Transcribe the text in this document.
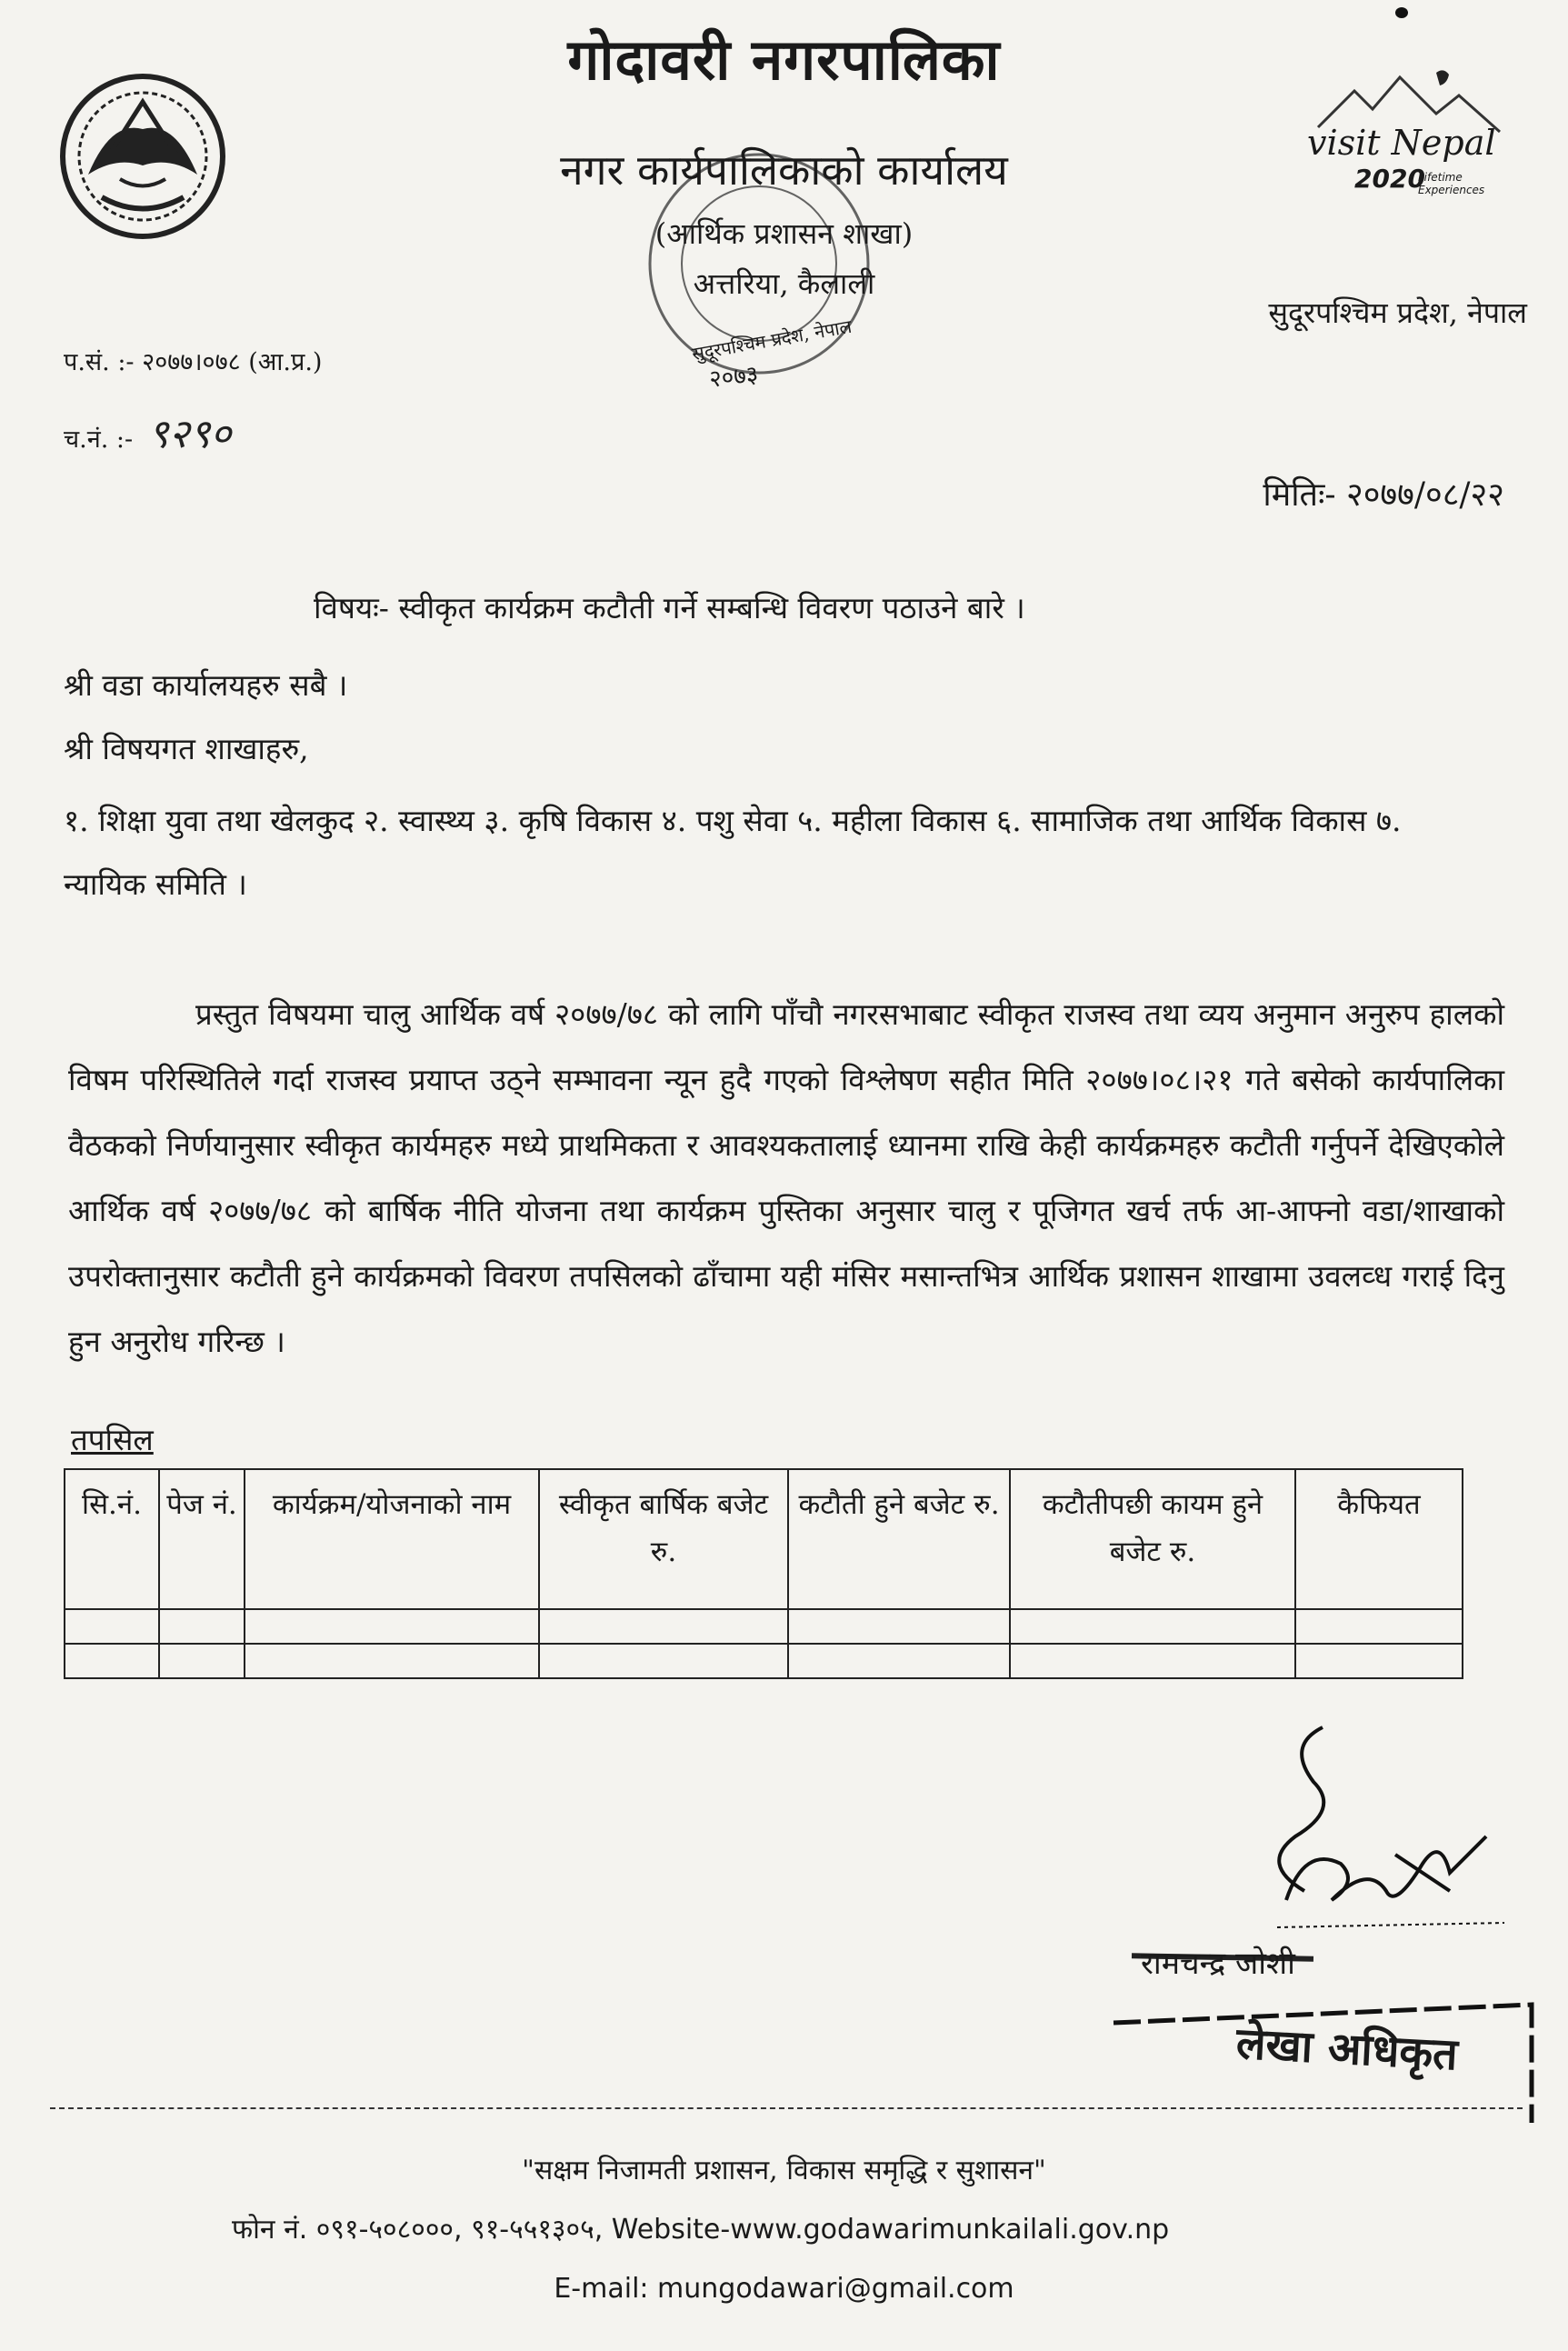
visit Nepal
2020
Lifetime Experiences
२०७३
सुदूरपश्चिम प्रदेश, नेपाल
गोदावरी नगरपालिका
नगर कार्यपालिकाको कार्यालय
(आर्थिक प्रशासन शाखा)
अत्तरिया, कैलाली
सुदूरपश्चिम प्रदेश, नेपाल
प.सं. :- २०७७।०७८ (आ.प्र.)
च.नं. :- ९२९०
मितिः- २०७७/०८/२२
विषयः- स्वीकृत कार्यक्रम कटौती गर्ने सम्बन्धि विवरण पठाउने बारे ।
श्री वडा कार्यालयहरु सबै ।
श्री विषयगत शाखाहरु,
१. शिक्षा युवा तथा खेलकुद २. स्वास्थ्य ३. कृषि विकास ४. पशु सेवा ५. महीला विकास ६. सामाजिक तथा आर्थिक विकास ७. न्यायिक समिति ।
प्रस्तुत विषयमा चालु आर्थिक वर्ष २०७७/७८ को लागि पाँचौ नगरसभाबाट स्वीकृत राजस्व तथा व्यय अनुमान अनुरुप हालको विषम परिस्थितिले गर्दा राजस्व प्रयाप्त उठ्ने सम्भावना न्यून हुदै गएको विश्लेषण सहीत मिति २०७७।०८।२१ गते बसेको कार्यपालिका वैठकको निर्णयानुसार स्वीकृत कार्यमहरु मध्ये प्राथमिकता र आवश्यकतालाई ध्यानमा राखि केही कार्यक्रमहरु कटौती गर्नुपर्ने देखिएकोले आर्थिक वर्ष २०७७/७८ को बार्षिक नीति योजना तथा कार्यक्रम पुस्तिका अनुसार चालु र पूजिगत खर्च तर्फ आ-आफ्नो वडा/शाखाको उपरोक्तानुसार कटौती हुने कार्यक्रमको विवरण तपसिलको ढाँचामा यही मंसिर मसान्तभित्र आर्थिक प्रशासन शाखामा उवलव्ध गराई दिनु हुन अनुरोध गरिन्छ ।
तपसिल
सि.नं.	पेज नं.	कार्यक्रम/योजनाको नाम	स्वीकृत बार्षिक बजेट रु.	कटौती हुने बजेट रु.	कटौतीपछी कायम हुने बजेट रु.	कैफियत

रामचन्द्र जोशी
लेखा अधिकृत
"सक्षम निजामती प्रशासन, विकास समृद्धि र सुशासन"
फोन नं. ०९१-५०८०००, ९१-५५१३०५, Website-www.godawarimunkailali.gov.np
E-mail: mungodawari@gmail.com
